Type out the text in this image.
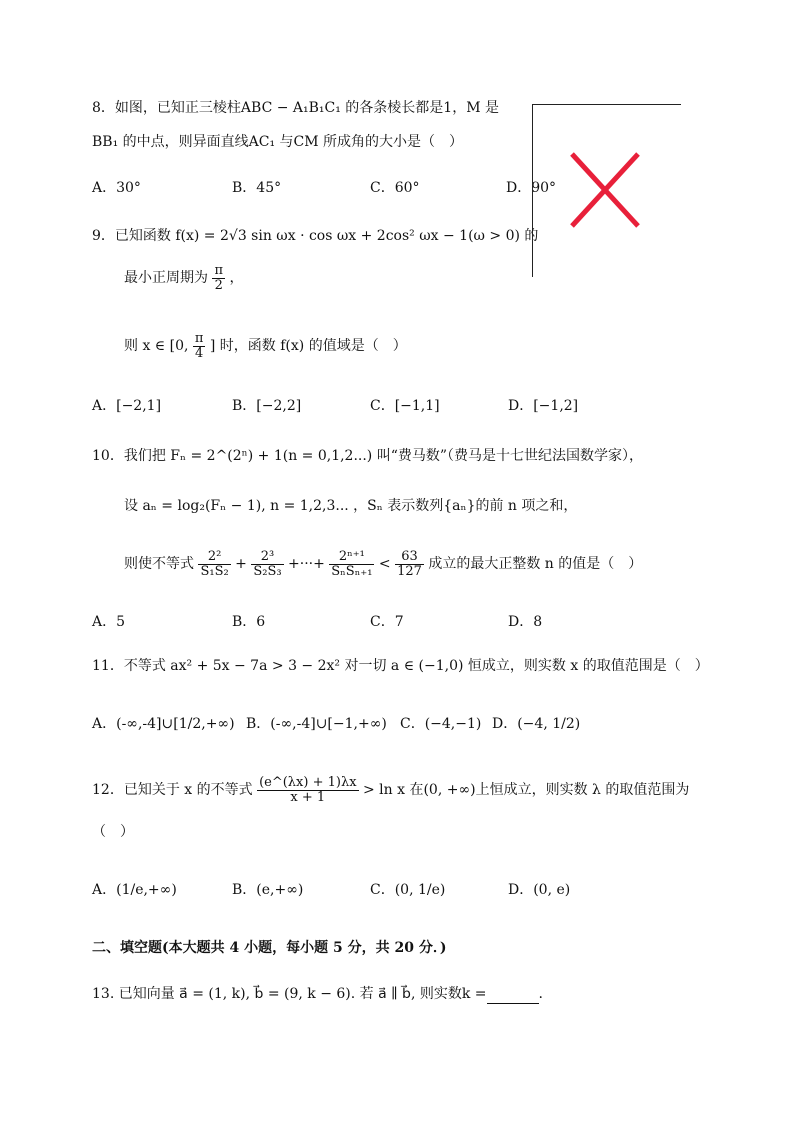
8．如图，已知正三棱柱ABC − A₁B₁C₁ 的各条棱长都是1，M 是
BB₁ 的中点，则异面直线AC₁ 与CM 所成角的大小是（　）
A．30°	B．45°	C．60°	D．90°
9．已知函数 f(x) = 2√3 sin ωx · cos ωx + 2cos² ωx − 1(ω > 0) 的
最小正周期为 $\frac{\pi}{2}$ ，
则 x ∈ [0, $\frac{\pi}{4}$ ] 时，函数 f(x) 的值域是（　）
A．[−2,1]	B．[−2,2]	C．[−1,1]	D．[−1,2]
10．我们把 Fₙ = 2^(2ⁿ) + 1(n = 0,1,2...) 叫“费马数”（费马是十七世纪法国数学家），
设 aₙ = log₂(Fₙ − 1), n = 1,2,3... ，Sₙ 表示数列{aₙ}的前 n 项之和，
则使不等式 $\frac{\text{2²}}{\text{S₁S₂}} + \frac{\text{2³}}{\text{S₂S₃}}$ +···+ $\frac{\text{2ⁿ⁺¹}}{\text{SₙSₙ₊₁}} < \frac{63}{127}$ 成立的最大正整数 n 的值是（　）
A．5	B．6	C．7	D．8
11．不等式 ax² + 5x − 7a > 3 − 2x² 对一切 a ∈ (−1,0) 恒成立，则实数 x 的取值范围是（　）
A．(-∞,-4]∪[1/2,+∞) B．(-∞,-4]∪[−1,+∞) C．(−4,−1) D．(−4, 1/2)
12．已知关于 x 的不等式 $\frac{(e\^{}(\lambda x) + 1)\lambda x}{x + 1} > \ln x$ 在(0, +∞)上恒成立，则实数 λ 的取值范围为
（　）
A．(1/e,+∞)	B．(e,+∞)	C．(0, 1/e)	D．(0, e)
二、填空题(本大题共 4 小题，每小题 5 分，共 20 分．)
13. 已知向量 a⃗ = (1, k), b⃗ = (9, k − 6). 若 a⃗ ∥ b⃗, 则实数k =	.
